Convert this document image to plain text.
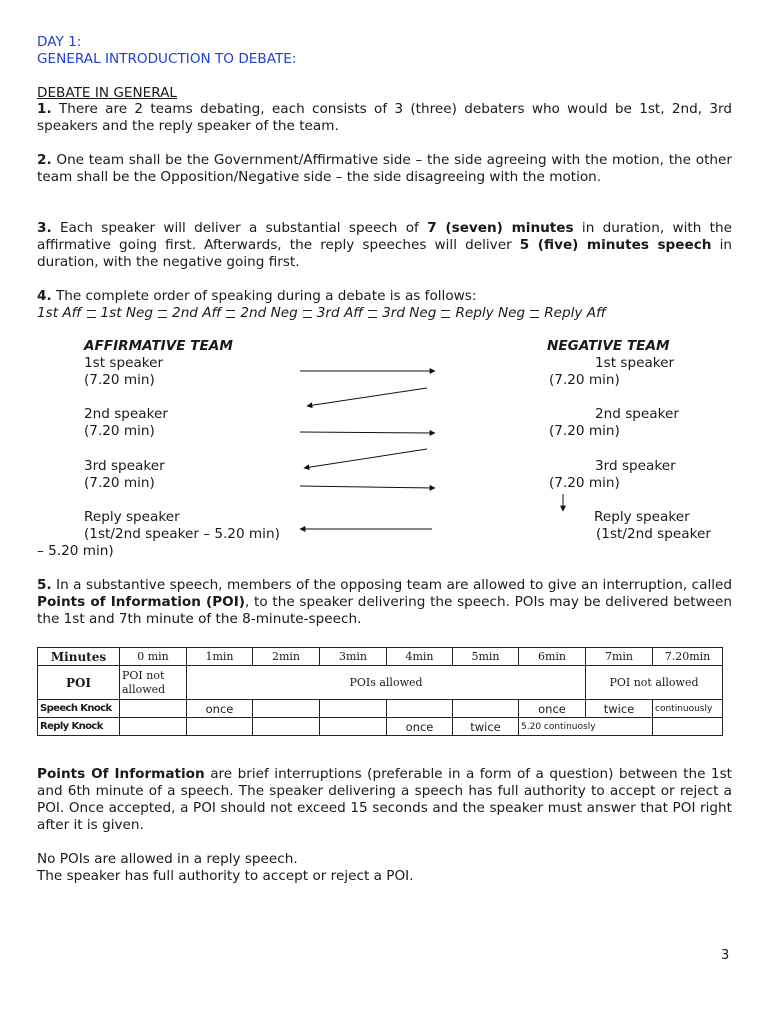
DAY 1:
GENERAL INTRODUCTION TO DEBATE:
DEBATE IN GENERAL
1. There are 2 teams debating, each consists of 3 (three) debaters who would be 1st, 2nd, 3rd speakers and the reply speaker of the team.
2. One team shall be the Government/Affirmative side – the side agreeing with the motion, the other team shall be the Opposition/Negative side – the side disagreeing with the motion.
3. Each speaker will deliver a substantial speech of 7 (seven) minutes in duration, with the affirmative going first. Afterwards, the reply speeches will deliver 5 (five) minutes speech in duration, with the negative going first.
4. The complete order of speaking during a debate is as follows:
1st Aff 1st Neg 2nd Aff 2nd Neg 3rd Aff 3rd Neg Reply Neg Reply Aff
AFFIRMATIVE TEAM	NEGATIVE TEAM
1st speaker
(7.20 min)
2nd speaker
(7.20 min)
3rd speaker
(7.20 min)
Reply speaker
(1st/2nd speaker – 5.20 min)
1st speaker
(7.20 min)
2nd speaker
(7.20 min)
3rd speaker
(7.20 min)
Reply speaker
(1st/2nd speaker
– 5.20 min)
5. In a substantive speech, members of the opposing team are allowed to give an interruption, called Points of Information (POI), to the speaker delivering the speech. POIs may be delivered between the 1st and 7th minute of the 8-minute-speech.
Minutes	0 min	1min	2min	3min	4min	5min	6min	7min	7.20min
POI	POI not allowed	POIs allowed						POI not allowed	
Speech Knock		once					once	twice	continuously
Reply Knock					once	twice	5.20 continuosly		
Points Of Information are brief interruptions (preferable in a form of a question) between the 1st and 6th minute of a speech. The speaker delivering a speech has full authority to accept or reject a POI. Once accepted, a POI should not exceed 15 seconds and the speaker must answer that POI right after it is given.
No POIs are allowed in a reply speech.
The speaker has full authority to accept or reject a POI.
3
